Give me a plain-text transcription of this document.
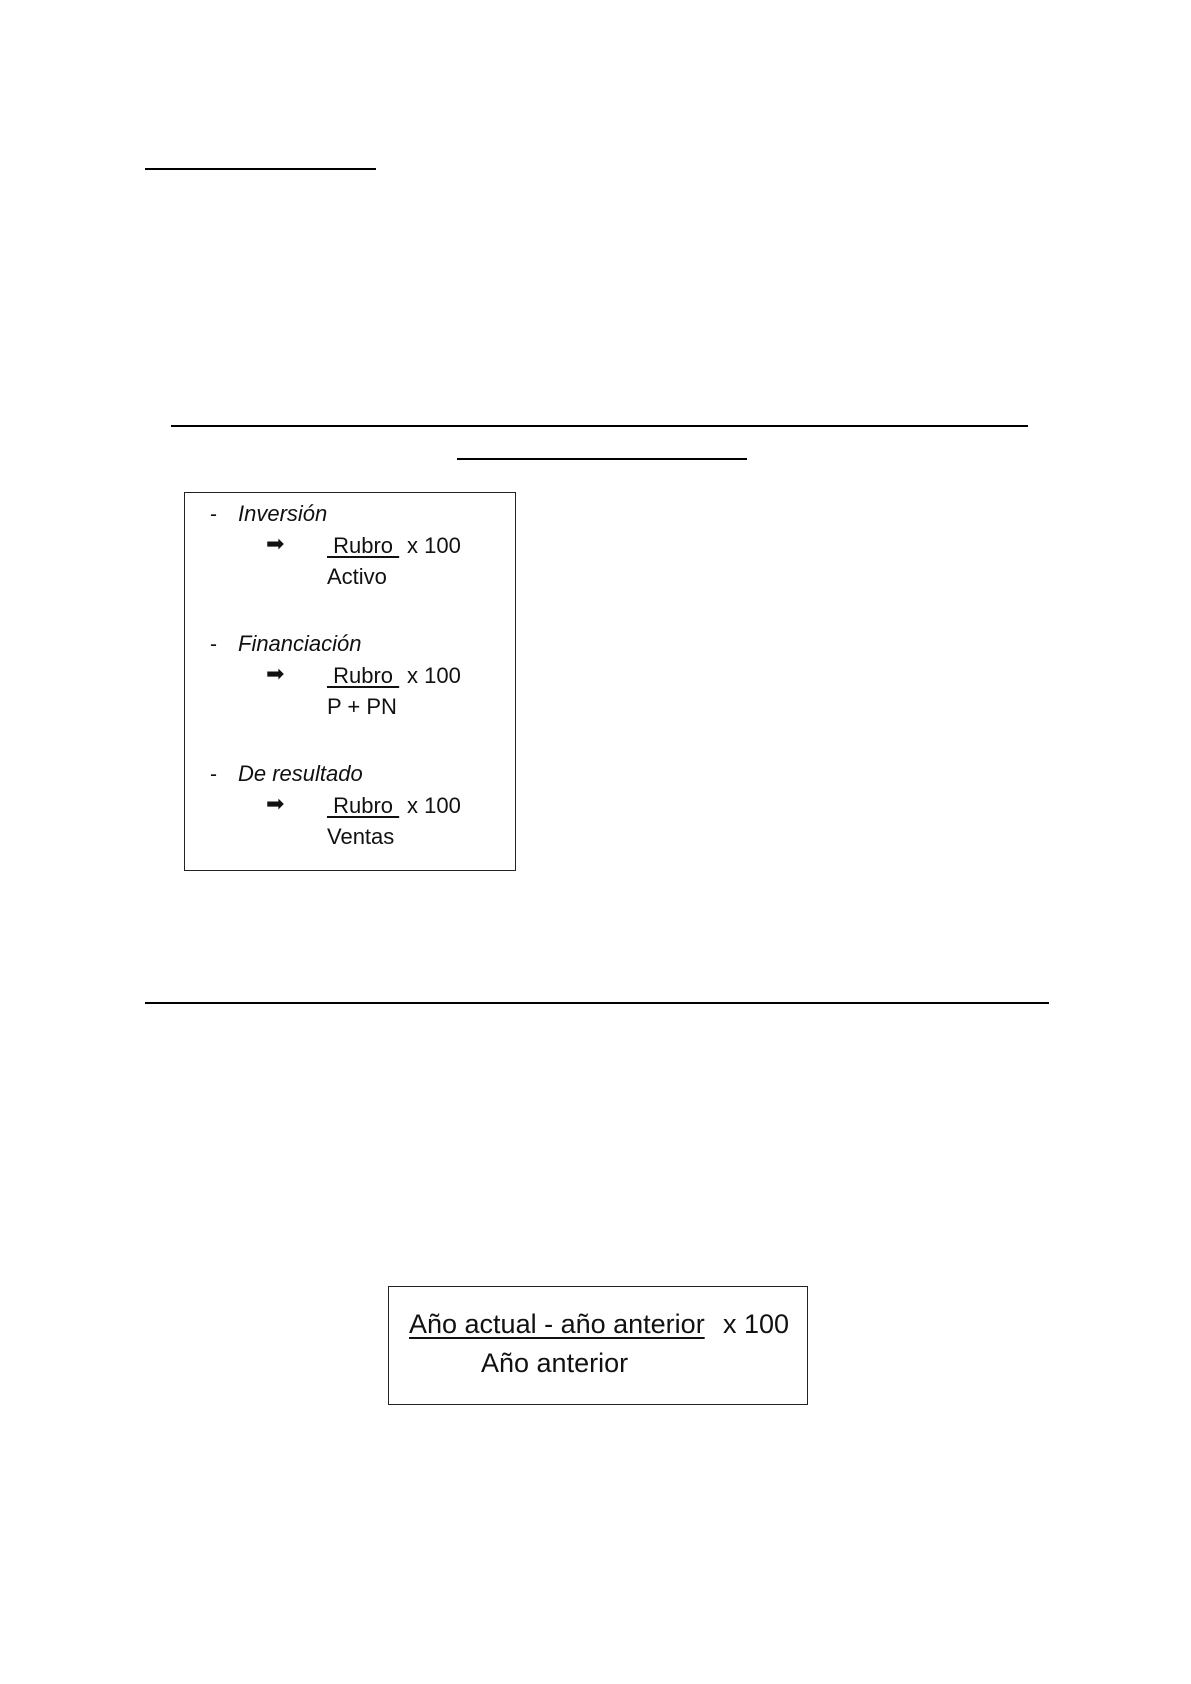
- Inversión
➡ Rubro x 100
Activo
- Financiación
➡ Rubro x 100
P + PN
- De resultado
➡ Rubro x 100
Ventas
Año actual - año anterior x 100
Año anterior
